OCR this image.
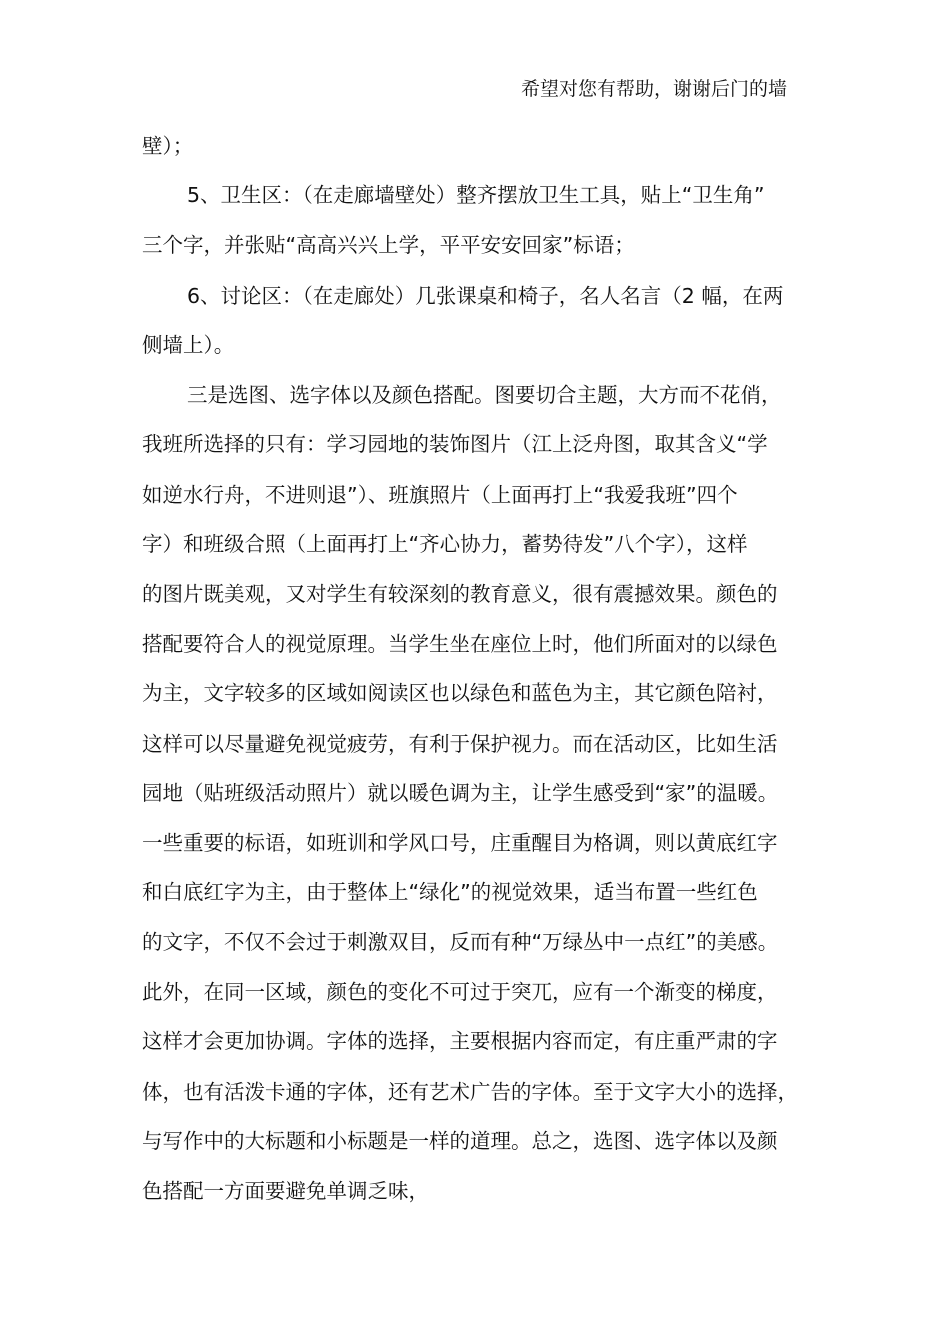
希望对您有帮助，谢谢后门的墙
壁）；
5、卫生区：（在走廊墙壁处）整齐摆放卫生工具，贴上“卫生角”
三个字，并张贴“高高兴兴上学，平平安安回家”标语；
6、讨论区：（在走廊处）几张课桌和椅子，名人名言（2 幅，在两
侧墙上）。
三是选图、选字体以及颜色搭配。图要切合主题，大方而不花俏，
我班所选择的只有：学习园地的装饰图片（江上泛舟图，取其含义“学
如逆水行舟，不进则退”）、班旗照片（上面再打上“我爱我班”四个
字）和班级合照（上面再打上“齐心协力，蓄势待发”八个字），这样
的图片既美观，又对学生有较深刻的教育意义，很有震撼效果。颜色的
搭配要符合人的视觉原理。当学生坐在座位上时，他们所面对的以绿色
为主，文字较多的区域如阅读区也以绿色和蓝色为主，其它颜色陪衬，
这样可以尽量避免视觉疲劳，有利于保护视力。而在活动区，比如生活
园地（贴班级活动照片）就以暖色调为主，让学生感受到“家”的温暖。
一些重要的标语，如班训和学风口号，庄重醒目为格调，则以黄底红字
和白底红字为主，由于整体上“绿化”的视觉效果，适当布置一些红色
的文字，不仅不会过于刺激双目，反而有种“万绿丛中一点红”的美感。
此外，在同一区域，颜色的变化不可过于突兀，应有一个渐变的梯度，
这样才会更加协调。字体的选择，主要根据内容而定，有庄重严肃的字
体，也有活泼卡通的字体，还有艺术广告的字体。至于文字大小的选择，
与写作中的大标题和小标题是一样的道理。总之，选图、选字体以及颜
色搭配一方面要避免单调乏味，
